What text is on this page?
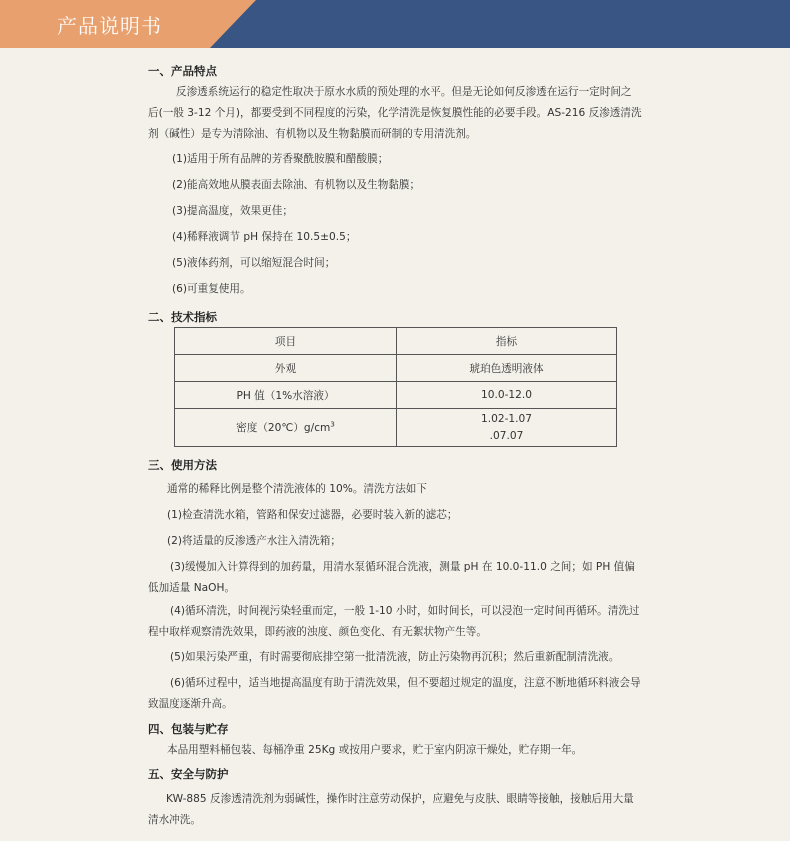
产品说明书
一、产品特点
反渗透系统运行的稳定性取决于原水水质的预处理的水平。但是无论如何反渗透在运行一定时间之后(一般 3-12 个月)，都要受到不同程度的污染，化学清洗是恢复膜性能的必要手段。AS-216 反渗透清洗剂（碱性）是专为清除油、有机物以及生物黏膜而研制的专用清洗剂。
(1)适用于所有品牌的芳香聚酰胺膜和醋酸膜；
(2)能高效地从膜表面去除油、有机物以及生物黏膜；
(3)提高温度，效果更佳；
(4)稀释液调节 pH 保持在 10.5±0.5；
(5)液体药剂，可以缩短混合时间；
(6)可重复使用。
二、技术指标
项目	指标
外观	琥珀色透明液体
PH 值（1%水溶液）	10.0-12.0
密度$(20℃)g/cm^3$	1.02-1.07
.07.07
三、使用方法
通常的稀释比例是整个清洗液体的 10%。清洗方法如下
(1)检查清洗水箱，管路和保安过滤器，必要时装入新的滤芯；
(2)将适量的反渗透产水注入清洗箱；
(3)缓慢加入计算得到的加药量，用清水泵循环混合洗液，测量 pH 在 10.0-11.0 之间；如 PH 值偏低加适量 NaOH。
(4)循环清洗，时间视污染轻重而定，一般 1-10 小时，如时间长，可以浸泡一定时间再循环。清洗过程中取样观察清洗效果，即药液的浊度、颜色变化、有无絮状物产生等。
(5)如果污染严重，有时需要彻底排空第一批清洗液，防止污染物再沉积；然后重新配制清洗液。
(6)循环过程中，适当地提高温度有助于清洗效果，但不要超过规定的温度，注意不断地循环料液会导致温度逐渐升高。
四、包装与贮存
本品用塑料桶包装、每桶净重 25Kg 或按用户要求，贮于室内阴凉干燥处，贮存期一年。
五、安全与防护
KW-885 反渗透清洗剂为弱碱性，操作时注意劳动保护，应避免与皮肤、眼睛等接触，接触后用大量清水冲洗。
